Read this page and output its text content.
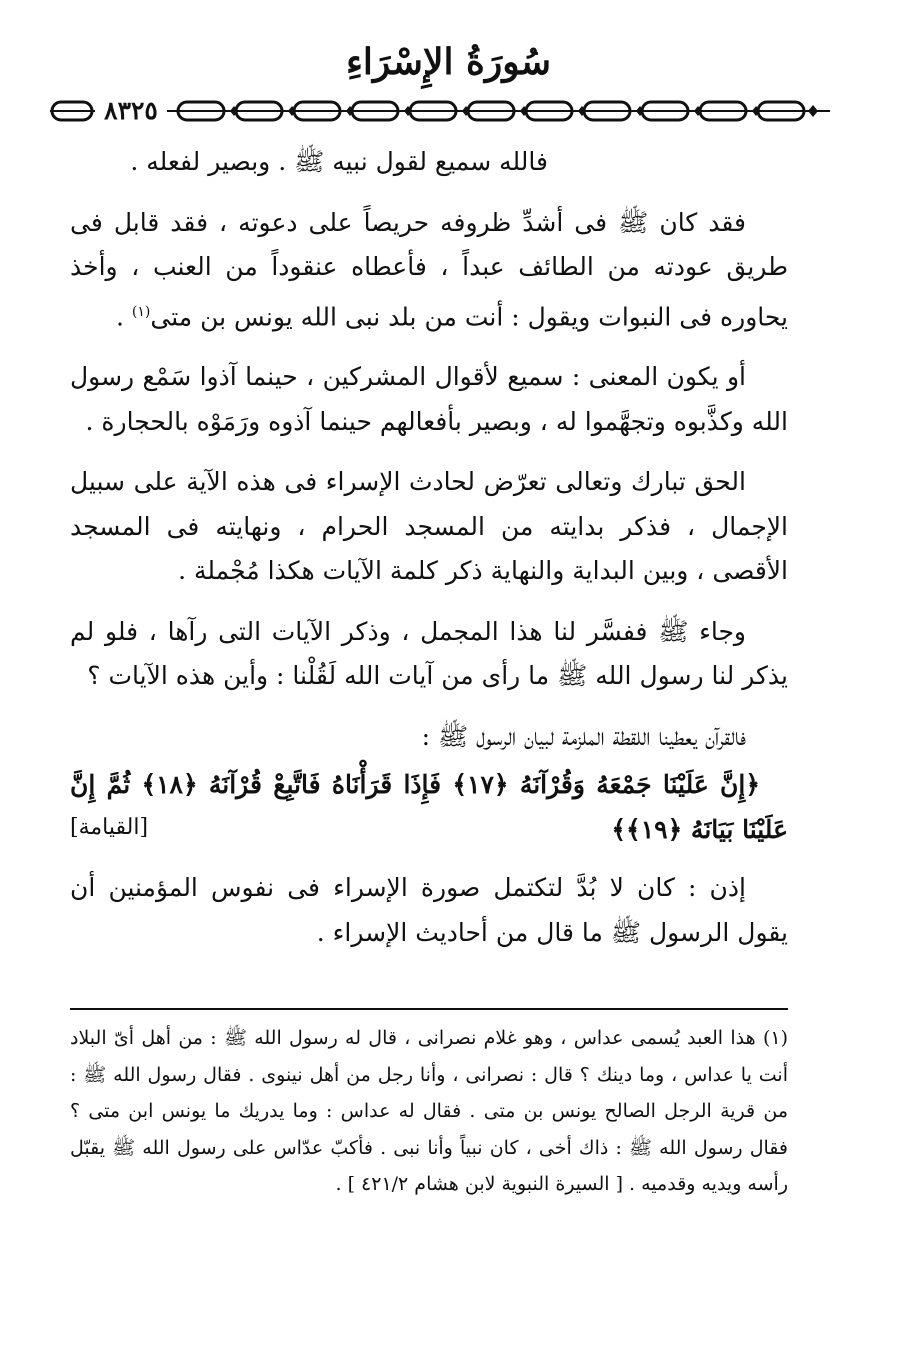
سُورَةُ الإِسْرَاءِ
٨٣٢٥

فالله سميع لقول نبيه ﷺ . وبصير لفعله .

فقد كان ﷺ فى أشدِّ ظروفه حريصاً على دعوته ، فقد قابل فى طريق عودته من الطائف عبداً ، فأعطاه عنقوداً من العنب ، وأخذ يحاوره فى النبوات ويقول : أنت من بلد نبى الله يونس بن متى$^{(١)}$ .

أو يكون المعنى : سميع لأقوال المشركين ، حينما آذوا سَمْع رسول الله وكذَّبوه وتجهَّموا له ، وبصير بأفعالهم حينما آذوه ورَمَوْه بالحجارة .

الحق تبارك وتعالى تعرّض لحادث الإسراء فى هذه الآية على سبيل الإجمال ، فذكر بدايته من المسجد الحرام ، ونهايته فى المسجد الأقصى ، وبين البداية والنهاية ذكر كلمة الآيات هكذا مُجْملة .

وجاء ﷺ ففسَّر لنا هذا المجمل ، وذكر الآيات التى رآها ، فلو لم يذكر لنا رسول الله ﷺ ما رأى من آيات الله لَقُلْنا : وأين هذه الآيات ؟

فالقرآن يعطينا اللقطة الملزمة لبيان الرسول ﷺ :

﴿إِنَّ عَلَيْنَا جَمْعَهُ وَقُرْآنَهُ ﴿١٧﴾ فَإِذَا قَرَأْنَاهُ فَاتَّبِعْ قُرْآنَهُ ﴿١٨﴾ ثُمَّ إِنَّ عَلَيْنَا بَيَانَهُ ﴿١٩﴾﴾
[القيامة]

إذن : كان لا بُدَّ لتكتمل صورة الإسراء فى نفوس المؤمنين أن يقول الرسول ﷺ ما قال من أحاديث الإسراء .

(١) هذا العبد يُسمى عداس ، وهو غلام نصرانى ، قال له رسول الله ﷺ : من أهل أىّ البلاد أنت يا عداس ، وما دينك ؟ قال : نصرانى ، وأنا رجل من أهل نينوى . فقال رسول الله ﷺ : من قرية الرجل الصالح يونس بن متى . فقال له عداس : وما يدريك ما يونس ابن متى ؟ فقال رسول الله ﷺ : ذاك أخى ، كان نبياً وأنا نبى . فأكبّ عدّاس على رسول الله ﷺ يقبّل رأسه ويديه وقدميه . [ السيرة النبوية لابن هشام ٤٢١/٢ ] .
